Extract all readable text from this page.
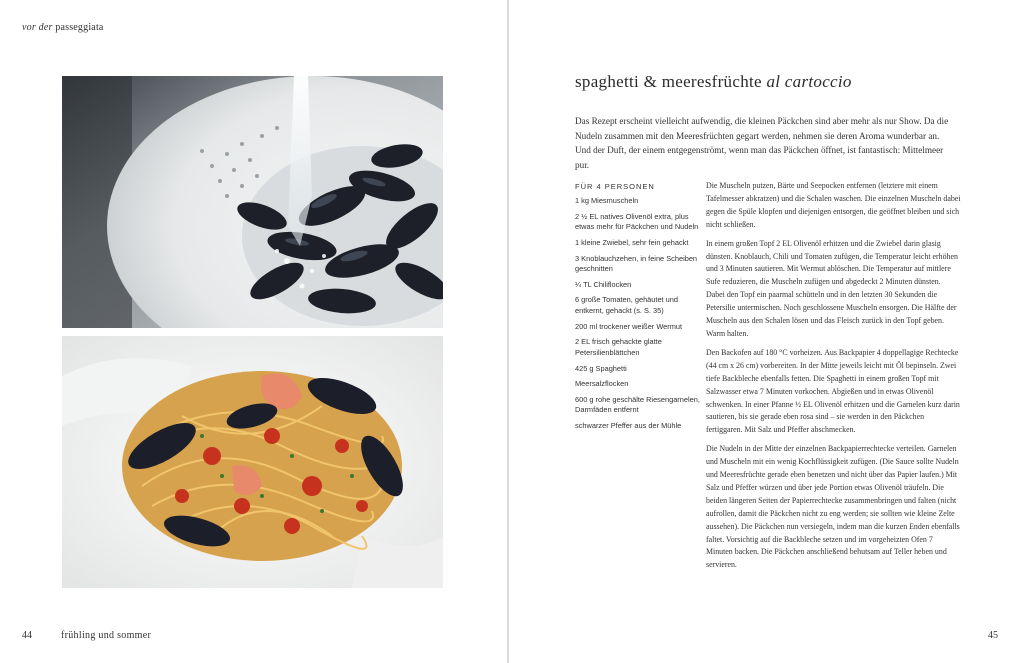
vor der passeggiata
44	frühling und sommer
spaghetti & meeresfrüchte al cartoccio

Das Rezept erscheint vielleicht aufwendig, die kleinen Päckchen sind aber mehr als nur Show. Da die Nudeln zusammen mit den Meeresfrüchten gegart werden, nehmen sie deren Aroma wunderbar an. Und der Duft, der einem entgegenströmt, wenn man das Päckchen öffnet, ist fantastisch: Mittelmeer pur.

FÜR 4 PERSONEN
1 kg Miesmuscheln
2 ½ EL natives Olivenöl extra, plus etwas mehr für Päckchen und Nudeln
1 kleine Zwiebel, sehr fein gehackt
3 Knoblauchzehen, in feine Scheiben geschnitten
¼ TL Chiliflocken
6 große Tomaten, gehäutet und entkernt, gehackt (s. S. 35)
200 ml trockener weißer Wermut
2 EL frisch gehackte glatte Petersilienblättchen
425 g Spaghetti
Meersalzflocken
600 g rohe geschälte Riesengarnelen, Darmfäden entfernt
schwarzer Pfeffer aus der Mühle

Die Muscheln putzen, Bärte und Seepocken entfernen (letztere mit einem Tafelmesser abkratzen) und die Schalen waschen. Die einzelnen Muscheln dabei gegen die Spüle klopfen und diejenigen entsorgen, die geöffnet bleiben und sich nicht schließen.

In einem großen Topf 2 EL Olivenöl erhitzen und die Zwiebel darin glasig dünsten. Knoblauch, Chili und Tomaten zufügen, die Temperatur leicht erhöhen und 3 Minuten sautieren. Mit Wermut ablöschen. Die Temperatur auf mittlere Sufe reduzieren, die Muscheln zufügen und abgedeckt 2 Minuten dünsten. Dabei den Topf ein paarmal schütteln und in den letzten 30 Sekunden die Petersilie untermischen. Noch geschlossene Muscheln ensorgen. Die Hälfte der Muscheln aus den Schalen lösen und das Fleisch zurück in den Topf geben. Warm halten.

Den Backofen auf 180 °C vorheizen. Aus Backpapier 4 doppellagige Rechtecke (44 cm x 26 cm) vorbereiten. In der Mitte jeweils leicht mit Öl bepinseln. Zwei tiefe Backbleche ebenfalls fetten. Die Spaghetti in einem großen Topf mit Salzwasser etwa 7 Minuten vorkochen. Abgießen und in etwas Olivenöl schwenken. In einer Pfanne ½ EL Olivenöl erhitzen und die Garnelen kurz darin sautieren, bis sie gerade eben rosa sind – sie werden in den Päckchen fertiggaren. Mit Salz und Pfeffer abschmecken.

Die Nudeln in der Mitte der einzelnen Backpapierrechtecke verteilen. Garnelen und Muscheln mit ein wenig Kochflüssigkeit zufügen. (Die Sauce sollte Nudeln und Meeresfrüchte gerade eben benetzen und nicht über das Papier laufen.) Mit Salz und Pfeffer würzen und über jede Portion etwas Olivenöl träufeln. Die beiden längeren Seiten der Papierrechtecke zusammenbringen und falten (nicht aufrollen, damit die Päckchen nicht zu eng werden; sie sollten wie kleine Zelte aussehen). Die Päckchen nun versiegeln, indem man die kurzen Enden ebenfalls faltet. Vorsichtig auf die Backbleche setzen und im vorgeheizten Ofen 7 Minuten backen. Die Päckchen anschließend behutsam auf Teller heben und servieren.

45
